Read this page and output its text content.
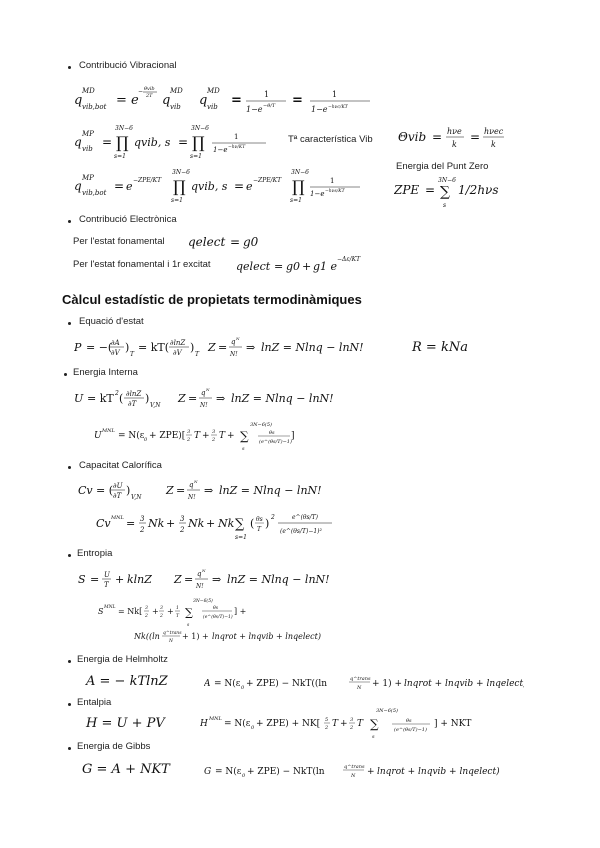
Contribució Vibracional
q
MD
vib,bot = e
− θvib
2T q
MD
vib q
MD
vib =	1
1−e −θ/T =	1
1−e −hνc/KT
q
MP
vib =
3N−6
∏
s=1
qvib, s =
3N−6
∏
s=1
1
1−e −hν/KT
Tª característica Vib Θvib = hνe
k
= hνec
k
Energia del Punt Zero
q
MP
vib,bot = e −ZPE/KT
3N−6
∏
s=1
qvib, s = e −ZPE/KT
3N−6
∏
s=1
1
1−e −hνs/KT	ZPE =
3N−6
∑
s
1/2hνs
Contribució Electrònica
Per l'estat fonamental qelect = g0
Per l'estat fonamental i 1r excitat qelect = g0 + g1 e
−Δε/KT
Càlcul estadístic de propietats termodinàmiques
Equació d'estat
P = −(
∂A
∂V )
T
= kT( ∂lnZ
∂V )
T
Z = q N
N!
⇒ lnZ = Nlnq − lnN!	R = kNa
Energia Interna
U = kT 2 ( ∂lnZ
∂T )
V,N
Z = q N
N!
⇒ lnZ = Nlnq − lnN!
U MNL = N(ε 0 + ZPE)[ 3
2 T + 3
2 T +
3N−6(5)
∑
s
θs
(e^(θs/T)−1)
]
Capacitat Calorífica
Cv = ( ∂U
∂T )
V,N
Z = q N
N!
⇒ lnZ = Nlnq − lnN!
Cv MNL = 3
2 Nk + 3
2 Nk + Nk ∑
s=1
( θs
T ) 2	e^(θs/T)
(e^(θs/T)−1)²
Entropia
S = U
T + klnZ Z = q N
N!
⇒ lnZ = Nlnq − lnN!
S MNL = Nk[ 3
2
+ 3
2
+ 1
T
3N−6(5)
∑
s
θs
(e^(θs/T)−1)
] +
Nk((ln q^trans
N
+ 1) + lnqrot + lnqvib + lnqelect)
Energia de Helmholtz
A = − kTlnZ	A = N(ε 0 + ZPE) − NkT((ln	q^trans
N + 1) + lnqrot + lnqvib + lnqelect)
Entalpia
H = U + PV	H MNL = N(ε 0 + ZPE) + NK[ 5
2 T + 3
2 T
3N−6(5)
∑
s
θs
(e^(θs/T)−1)
] + NKT
Energia de Gibbs
G = A + NKT	G = N(ε 0 + ZPE) − NkT(ln	q^trans
N + lnqrot + lnqvib + lnqelect)
